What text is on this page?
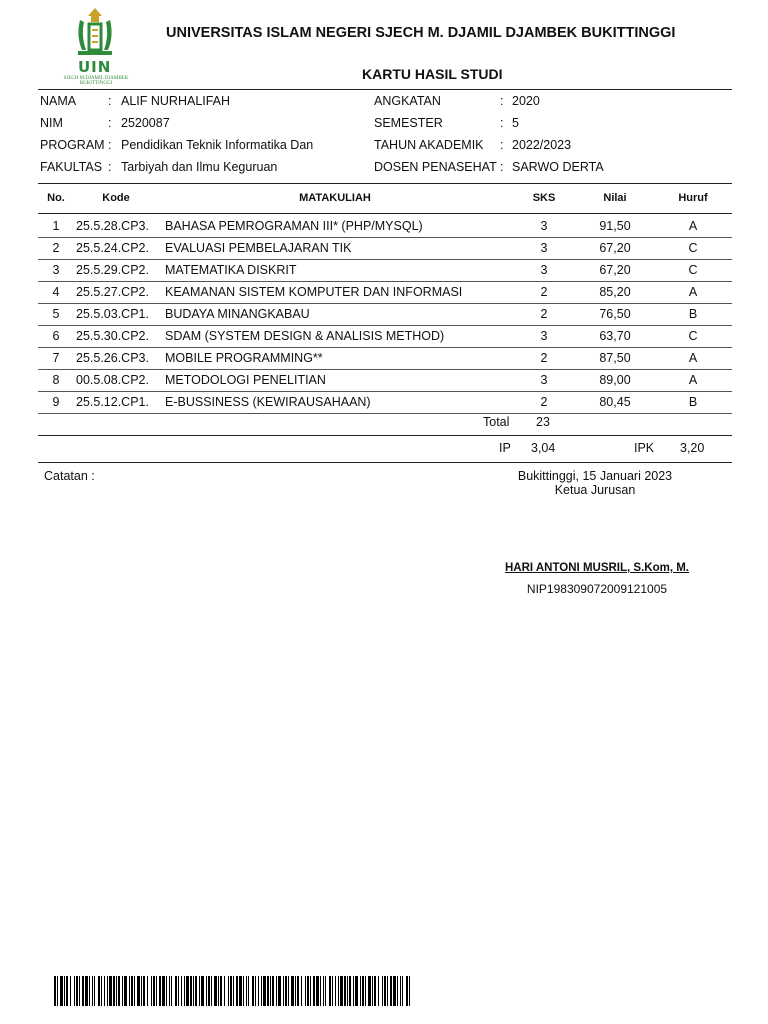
UIN
SJECH M.DJAMIL DJAMBEK BUKITTINGGI
UNIVERSITAS ISLAM NEGERI SJECH M. DJAMIL DJAMBEK BUKITTINGGI
KARTU HASIL STUDI
NAMA	: ALIF NURHALIFAH
NIM	: 2520087
PROGRAM : Pendidikan Teknik Informatika Dan
FAKULTAS : Tarbiyah dan Ilmu Keguruan
ANGKATAN	: 2020
SEMESTER	: 5
TAHUN AKADEMIK : 2022/2023
DOSEN PENASEHAT : SARWO DERTA
No.	Kode	MATAKULIAH	SKS	Nilai	Huruf
1	25.5.28.CP3.	BAHASA PEMROGRAMAN III* (PHP/MYSQL)	3	91,50	A
2	25.5.24.CP2.	EVALUASI PEMBELAJARAN TIK	3	67,20	C
3	25.5.29.CP2.	MATEMATIKA DISKRIT	3	67,20	C
4	25.5.27.CP2.	KEAMANAN SISTEM KOMPUTER DAN INFORMASI	2	85,20	A
5	25.5.03.CP1.	BUDAYA MINANGKABAU	2	76,50	B
6	25.5.30.CP2.	SDAM (SYSTEM DESIGN & ANALISIS METHOD)	3	63,70	C
7	25.5.26.CP3.	MOBILE PROGRAMMING**	2	87,50	A
8	00.5.08.CP2.	METODOLOGI PENELITIAN	3	89,00	A
9	25.5.12.CP1.	E-BUSSINESS (KEWIRAUSAHAAN)	2	80,45	B
Total 23
IP 3,04	IPK 3,20
Catatan :	Bukittinggi, 15 Januari 2023
Ketua Jurusan
HARI ANTONI MUSRIL, S.Kom, M.
NIP198309072009121005
